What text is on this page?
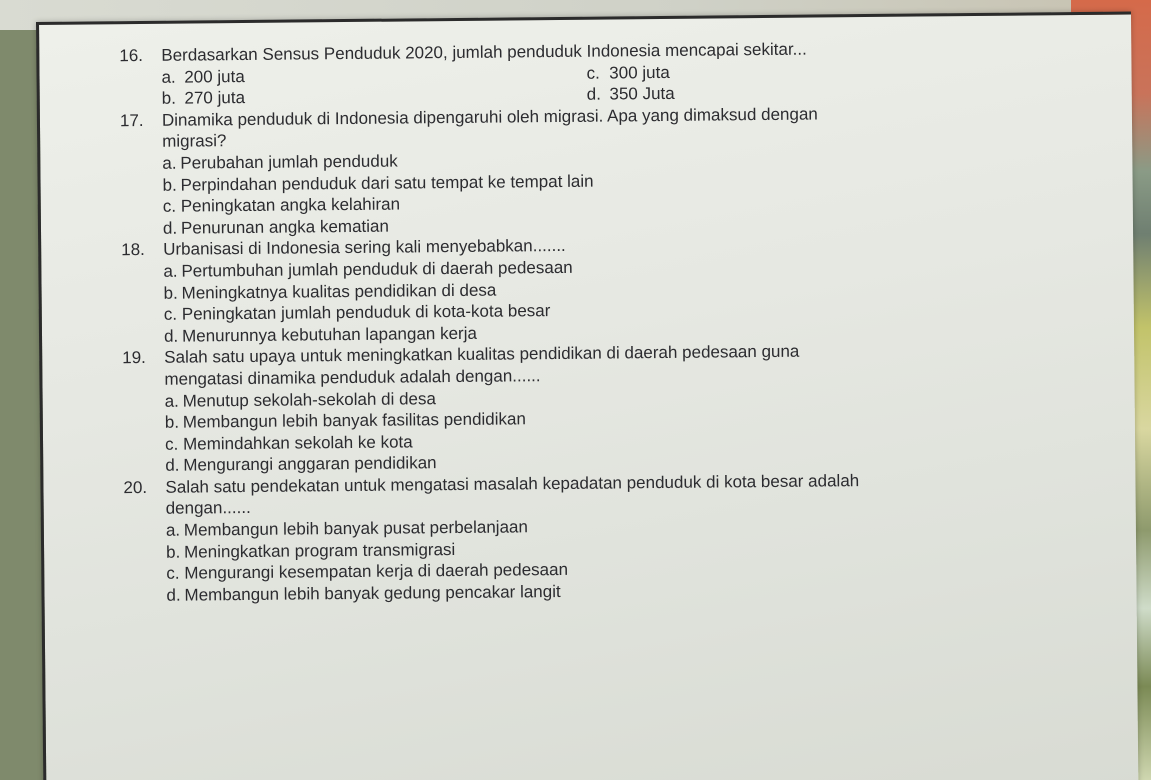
16. Berdasarkan Sensus Penduduk 2020, jumlah penduduk Indonesia mencapai sekitar...
a. 200 juta	c. 300 juta
b. 270 juta	d. 350 Juta
17. Dinamika penduduk di Indonesia dipengaruhi oleh migrasi. Apa yang dimaksud dengan
migrasi?
a. Perubahan jumlah penduduk
b. Perpindahan penduduk dari satu tempat ke tempat lain
c. Peningkatan angka kelahiran
d. Penurunan angka kematian
18. Urbanisasi di Indonesia sering kali menyebabkan.......
a. Pertumbuhan jumlah penduduk di daerah pedesaan
b. Meningkatnya kualitas pendidikan di desa
c. Peningkatan jumlah penduduk di kota-kota besar
d. Menurunnya kebutuhan lapangan kerja
19. Salah satu upaya untuk meningkatkan kualitas pendidikan di daerah pedesaan guna
mengatasi dinamika penduduk adalah dengan......
a. Menutup sekolah-sekolah di desa
b. Membangun lebih banyak fasilitas pendidikan
c. Memindahkan sekolah ke kota
d. Mengurangi anggaran pendidikan
20. Salah satu pendekatan untuk mengatasi masalah kepadatan penduduk di kota besar adalah
dengan......
a. Membangun lebih banyak pusat perbelanjaan
b. Meningkatkan program transmigrasi
c. Mengurangi kesempatan kerja di daerah pedesaan
d. Membangun lebih banyak gedung pencakar langit
